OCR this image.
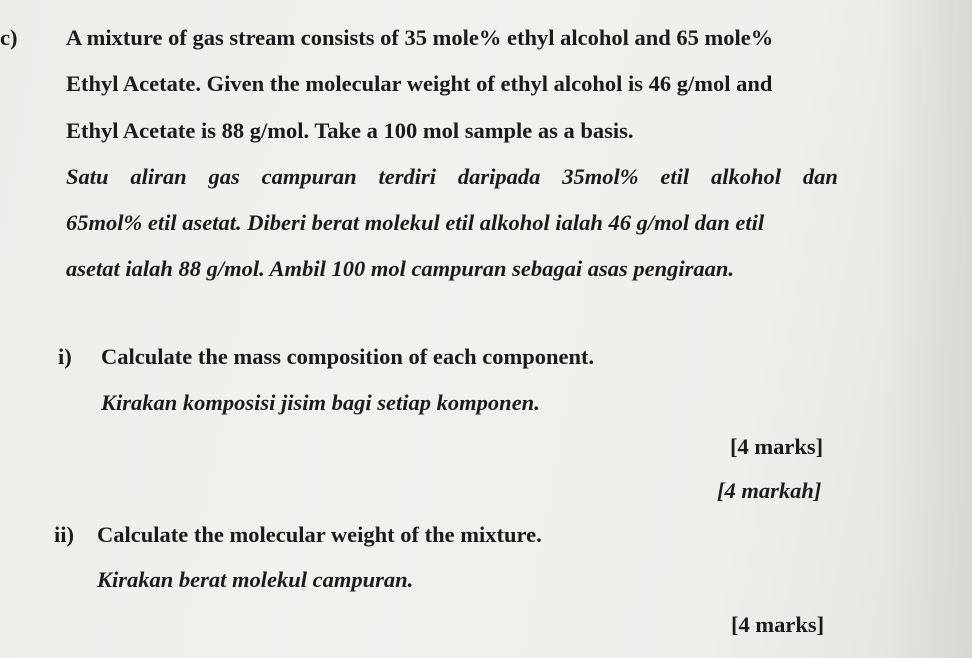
c) A mixture of gas stream consists of 35 mole% ethyl alcohol and 65 mole%
Ethyl Acetate. Given the molecular weight of ethyl alcohol is 46 g/mol and
Ethyl Acetate is 88 g/mol. Take a 100 mol sample as a basis.
Satu aliran gas campuran terdiri daripada 35mol% etil alkohol dan
65mol% etil asetat. Diberi berat molekul etil alkohol ialah 46 g/mol dan etil
asetat ialah 88 g/mol. Ambil 100 mol campuran sebagai asas pengiraan.
i) Calculate the mass composition of each component.
Kirakan komposisi jisim bagi setiap komponen.
[4 marks]
[4 markah]
ii) Calculate the molecular weight of the mixture.
Kirakan berat molekul campuran.
[4 marks]
